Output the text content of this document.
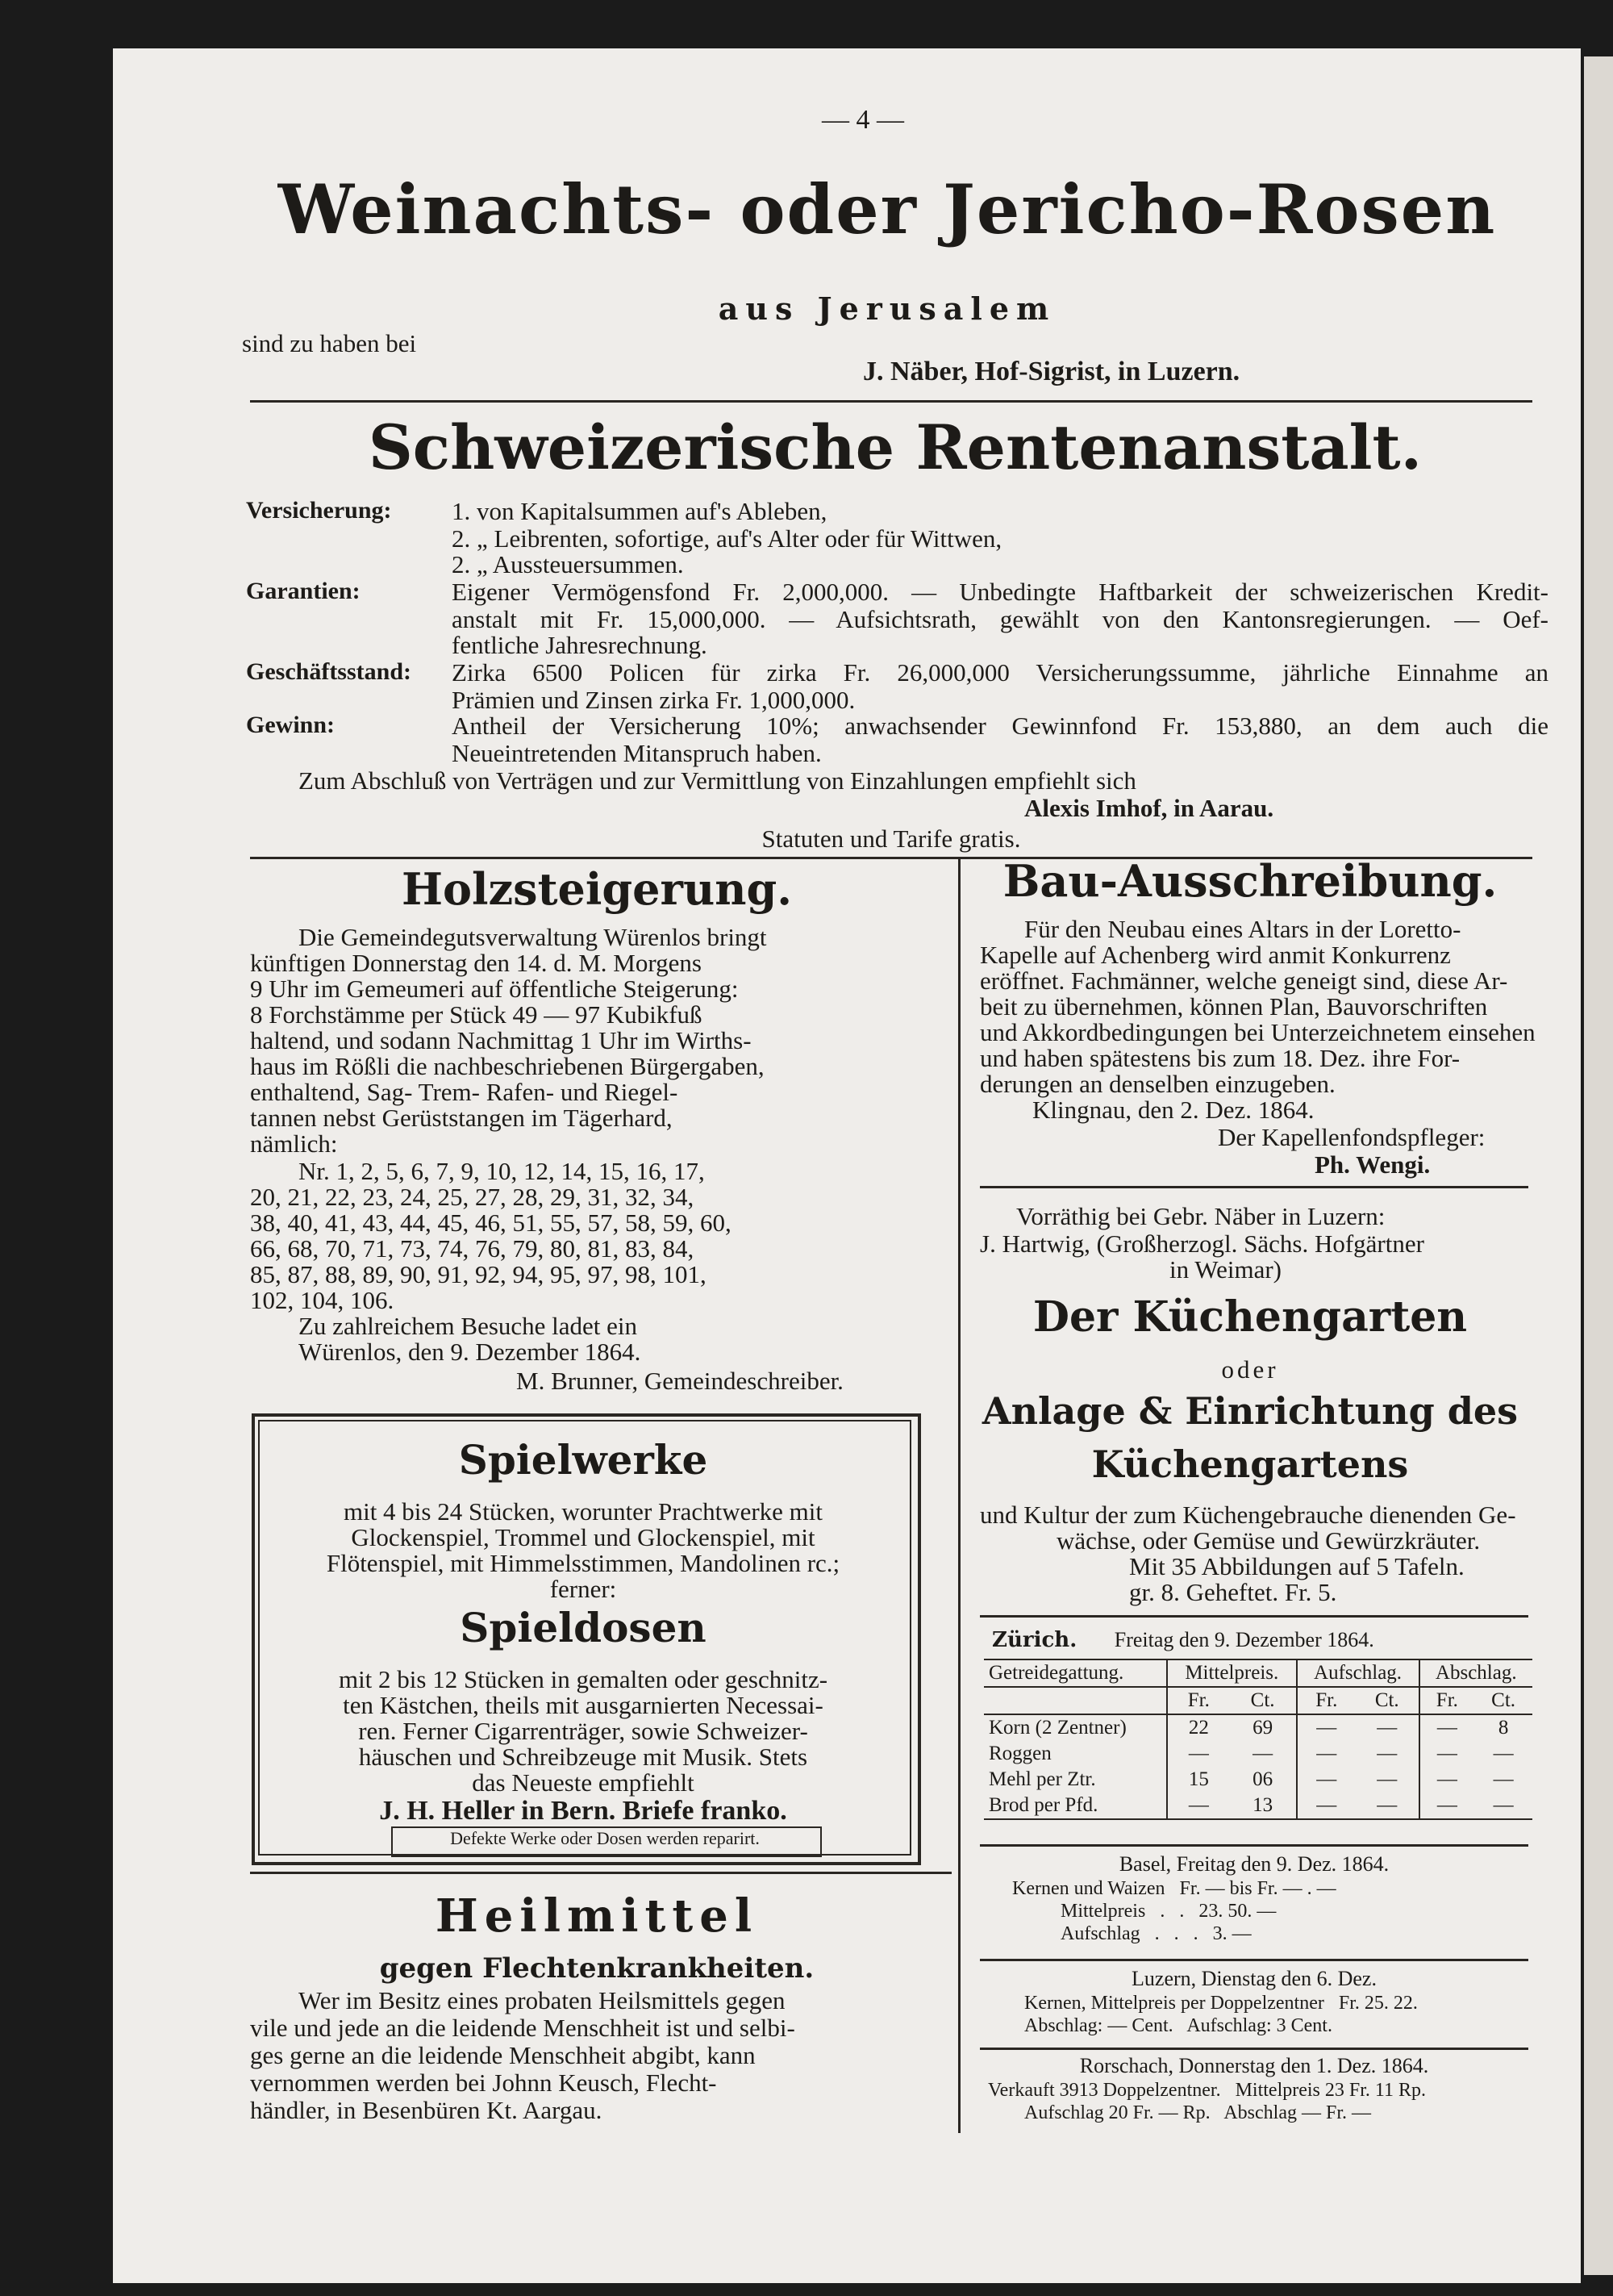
— 4 —
Weinachts- oder Jericho-Rosen
aus Jerusalem
sind zu haben bei
J. Näber, Hof-Sigrist, in Luzern.
Schweizerische Rentenanstalt.
Versicherung: 1. von Kapitalsummen auf's Ableben,
2. „ Leibrenten, sofortige, auf's Alter oder für Wittwen,
2. „ Aussteuersummen.
Garantien:	Eigener Vermögensfond Fr. 2,000,000. — Unbedingte Haftbarkeit der schweizerischen Kredit-
anstalt mit Fr. 15,000,000. — Aufsichtsrath, gewählt von den Kantonsregierungen. — Oef-
fentliche Jahresrechnung.
Geschäftsstand: Zirka 6500 Policen für zirka Fr. 26,000,000 Versicherungssumme, jährliche Einnahme an
Prämien und Zinsen zirka Fr. 1,000,000.
Gewinn:	Antheil der Versicherung 10%; anwachsender Gewinnfond Fr. 153,880, an dem auch die
Neueintretenden Mitanspruch haben.
Zum Abschluß von Verträgen und zur Vermittlung von Einzahlungen empfiehlt sich
Alexis Imhof, in Aarau.
Statuten und Tarife gratis.
Holzsteigerung.
Die Gemeindegutsverwaltung Würenlos bringt
künftigen Donnerstag den 14. d. M. Morgens
9 Uhr im Gemeumeri auf öffentliche Steigerung:
8 Forchstämme per Stück 49 — 97 Kubikfuß
haltend, und sodann Nachmittag 1 Uhr im Wirths-
haus im Rößli die nachbeschriebenen Bürgergaben,
enthaltend, Sag- Trem- Rafen- und Riegel-
tannen nebst Gerüststangen im Tägerhard,
nämlich:
Nr. 1, 2, 5, 6, 7, 9, 10, 12, 14, 15, 16, 17,
20, 21, 22, 23, 24, 25, 27, 28, 29, 31, 32, 34,
38, 40, 41, 43, 44, 45, 46, 51, 55, 57, 58, 59, 60,
66, 68, 70, 71, 73, 74, 76, 79, 80, 81, 83, 84,
85, 87, 88, 89, 90, 91, 92, 94, 95, 97, 98, 101,
102, 104, 106.
Zu zahlreichem Besuche ladet ein
Würenlos, den 9. Dezember 1864.
M. Brunner, Gemeindeschreiber.
Spielwerke
mit 4 bis 24 Stücken, worunter Prachtwerke mit
Glockenspiel, Trommel und Glockenspiel, mit
Flötenspiel, mit Himmelsstimmen, Mandolinen rc.;
ferner:
Spieldosen
mit 2 bis 12 Stücken in gemalten oder geschnitz-
ten Kästchen, theils mit ausgarnierten Necessai-
ren. Ferner Cigarrenträger, sowie Schweizer-
häuschen und Schreibzeuge mit Musik. Stets
das Neueste empfiehlt
J. H. Heller in Bern. Briefe franko.
Defekte Werke oder Dosen werden reparirt.
Heilmittel
gegen Flechtenkrankheiten.
Wer im Besitz eines probaten Heilsmittels gegen
vile und jede an die leidende Menschheit ist und selbi-
ges gerne an die leidende Menschheit abgibt, kann
vernommen werden bei Johnn Keusch, Flecht-
händler, in Besenbüren Kt. Aargau.
Bau-Ausschreibung.
Für den Neubau eines Altars in der Loretto-
Kapelle auf Achenberg wird anmit Konkurrenz
eröffnet. Fachmänner, welche geneigt sind, diese Ar-
beit zu übernehmen, können Plan, Bauvorschriften
und Akkordbedingungen bei Unterzeichnetem einsehen
und haben spätestens bis zum 18. Dez. ihre For-
derungen an denselben einzugeben.
Klingnau, den 2. Dez. 1864.
Der Kapellenfondspfleger:
Ph. Wengi.
Vorräthig bei Gebr. Näber in Luzern:
J. Hartwig, (Großherzogl. Sächs. Hofgärtner
in Weimar)
Der Küchengarten
oder
Anlage & Einrichtung des
Küchengartens
und Kultur der zum Küchengebrauche dienenden Ge-
wächse, oder Gemüse und Gewürzkräuter.
Mit 35 Abbildungen auf 5 Tafeln.
gr. 8. Geheftet. Fr. 5.
Zürich. Freitag den 9. Dezember 1864.
Getreidegattung.	Mittelpreis.		Aufschlag.		Abschlag.	
	Fr.	Ct.	Fr.	Ct.	Fr.	Ct.
Korn (2 Zentner)	22	69	—	—	—	8
Roggen	—	—	—	—	—	—
Mehl per Ztr.	15	06	—	—	—	—
Brod per Pfd.	—	13	—	—	—	—
Basel, Freitag den 9. Dez. 1864.
Kernen und Waizen   Fr. — bis Fr. — . —
Mittelpreis   .   .   23. 50. —
Aufschlag   .   .   .   3. —
Luzern, Dienstag den 6. Dez.
Kernen, Mittelpreis per Doppelzentner   Fr. 25. 22.
Abschlag: — Cent.   Aufschlag: 3 Cent.
Rorschach, Donnerstag den 1. Dez. 1864.
Verkauft 3913 Doppelzentner.   Mittelpreis 23 Fr. 11 Rp.
Aufschlag 20 Fr. — Rp.   Abschlag — Fr. —
